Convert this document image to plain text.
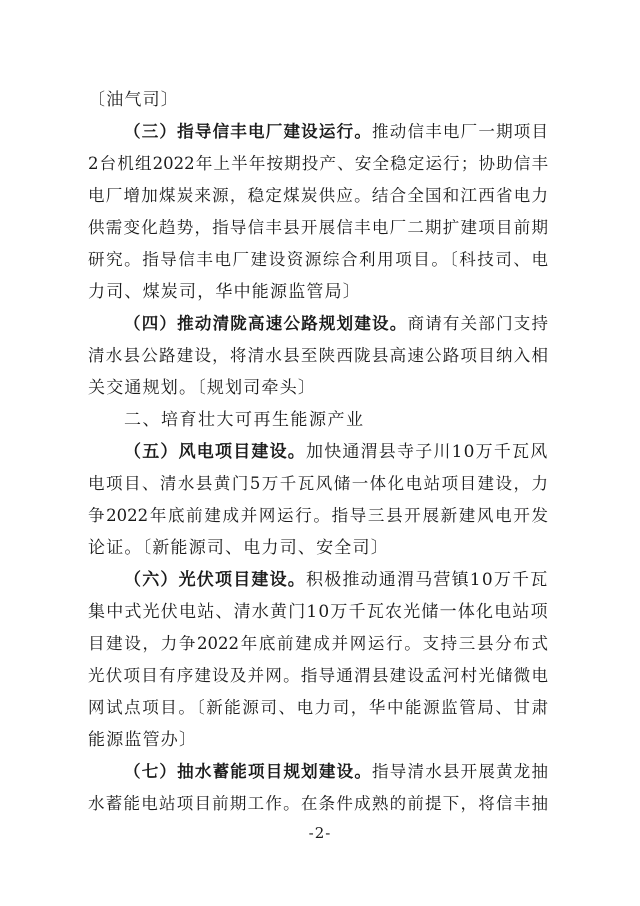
〔油气司〕
（三）指导信丰电厂建设运行。推动信丰电厂一期项目
2台机组2022年上半年按期投产、安全稳定运行；协助信丰
电厂增加煤炭来源，稳定煤炭供应。结合全国和江西省电力
供需变化趋势，指导信丰县开展信丰电厂二期扩建项目前期
研究。指导信丰电厂建设资源综合利用项目。〔科技司、电
力司、煤炭司，华中能源监管局〕
（四）推动清陇高速公路规划建设。商请有关部门支持
清水县公路建设，将清水县至陕西陇县高速公路项目纳入相
关交通规划。〔规划司牵头〕
二、培育壮大可再生能源产业
（五）风电项目建设。加快通渭县寺子川10万千瓦风
电项目、清水县黄门5万千瓦风储一体化电站项目建设，力
争2022年底前建成并网运行。指导三县开展新建风电开发
论证。〔新能源司、电力司、安全司〕
（六）光伏项目建设。积极推动通渭马营镇10万千瓦
集中式光伏电站、清水黄门10万千瓦农光储一体化电站项
目建设，力争2022年底前建成并网运行。支持三县分布式
光伏项目有序建设及并网。指导通渭县建设孟河村光储微电
网试点项目。〔新能源司、电力司，华中能源监管局、甘肃
能源监管办〕
（七）抽水蓄能项目规划建设。指导清水县开展黄龙抽
水蓄能电站项目前期工作。在条件成熟的前提下，将信丰抽
-2-
